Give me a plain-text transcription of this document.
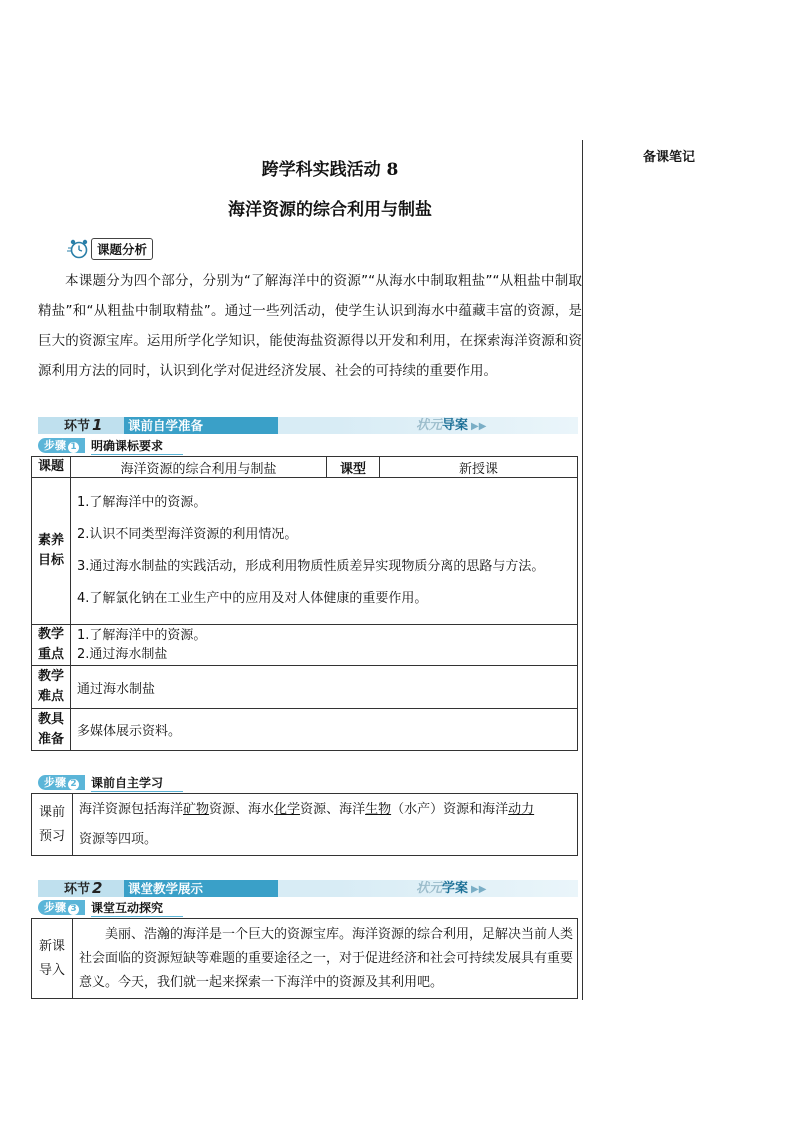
备课笔记
跨学科实践活动 8
海洋资源的综合利用与制盐
课题分析
本课题分为四个部分，分别为“了解海洋中的资源”“从海水中制取粗盐”“从粗盐中制取精盐”和“从粗盐中制取精盐”。通过一些列活动，使学生认识到海水中蕴藏丰富的资源，是巨大的资源宝库。运用所学化学知识，能使海盐资源得以开发和利用，在探索海洋资源和资源利用方法的同时，认识到化学对促进经济发展、社会的可持续的重要作用。
环节 1	课前自学准备	状元导案 ▶▶
步骤 1	明确课标要求
课题	海洋资源的综合利用与制盐	课型	新授课
素养目标	1.了解海洋中的资源。
2.认识不同类型海洋资源的利用情况。
3.通过海水制盐的实践活动，形成利用物质性质差异实现物质分离的思路与方法。
4.了解氯化钠在工业生产中的应用及对人体健康的重要作用。		

教学重点	1.了解海洋中的资源。
2.通过海水制盐		

教学难点	通过海水制盐		
教具准备	多媒体展示资料。		
步骤 2	课前自主学习
课前预习	海洋资源包括海洋矿物资源、海水化学资源、海洋生物（水产）资源和海洋动力
资源等四项。
环节 2	课堂教学展示	状元学案 ▶▶
步骤 3	课堂互动探究
新课导入	美丽、浩瀚的海洋是一个巨大的资源宝库。海洋资源的综合利用，足解决当前人类社会面临的资源短缺等难题的重要途径之一，对于促进经济和社会可持续发展具有重要意义。今天，我们就一起来探索一下海洋中的资源及其利用吧。
